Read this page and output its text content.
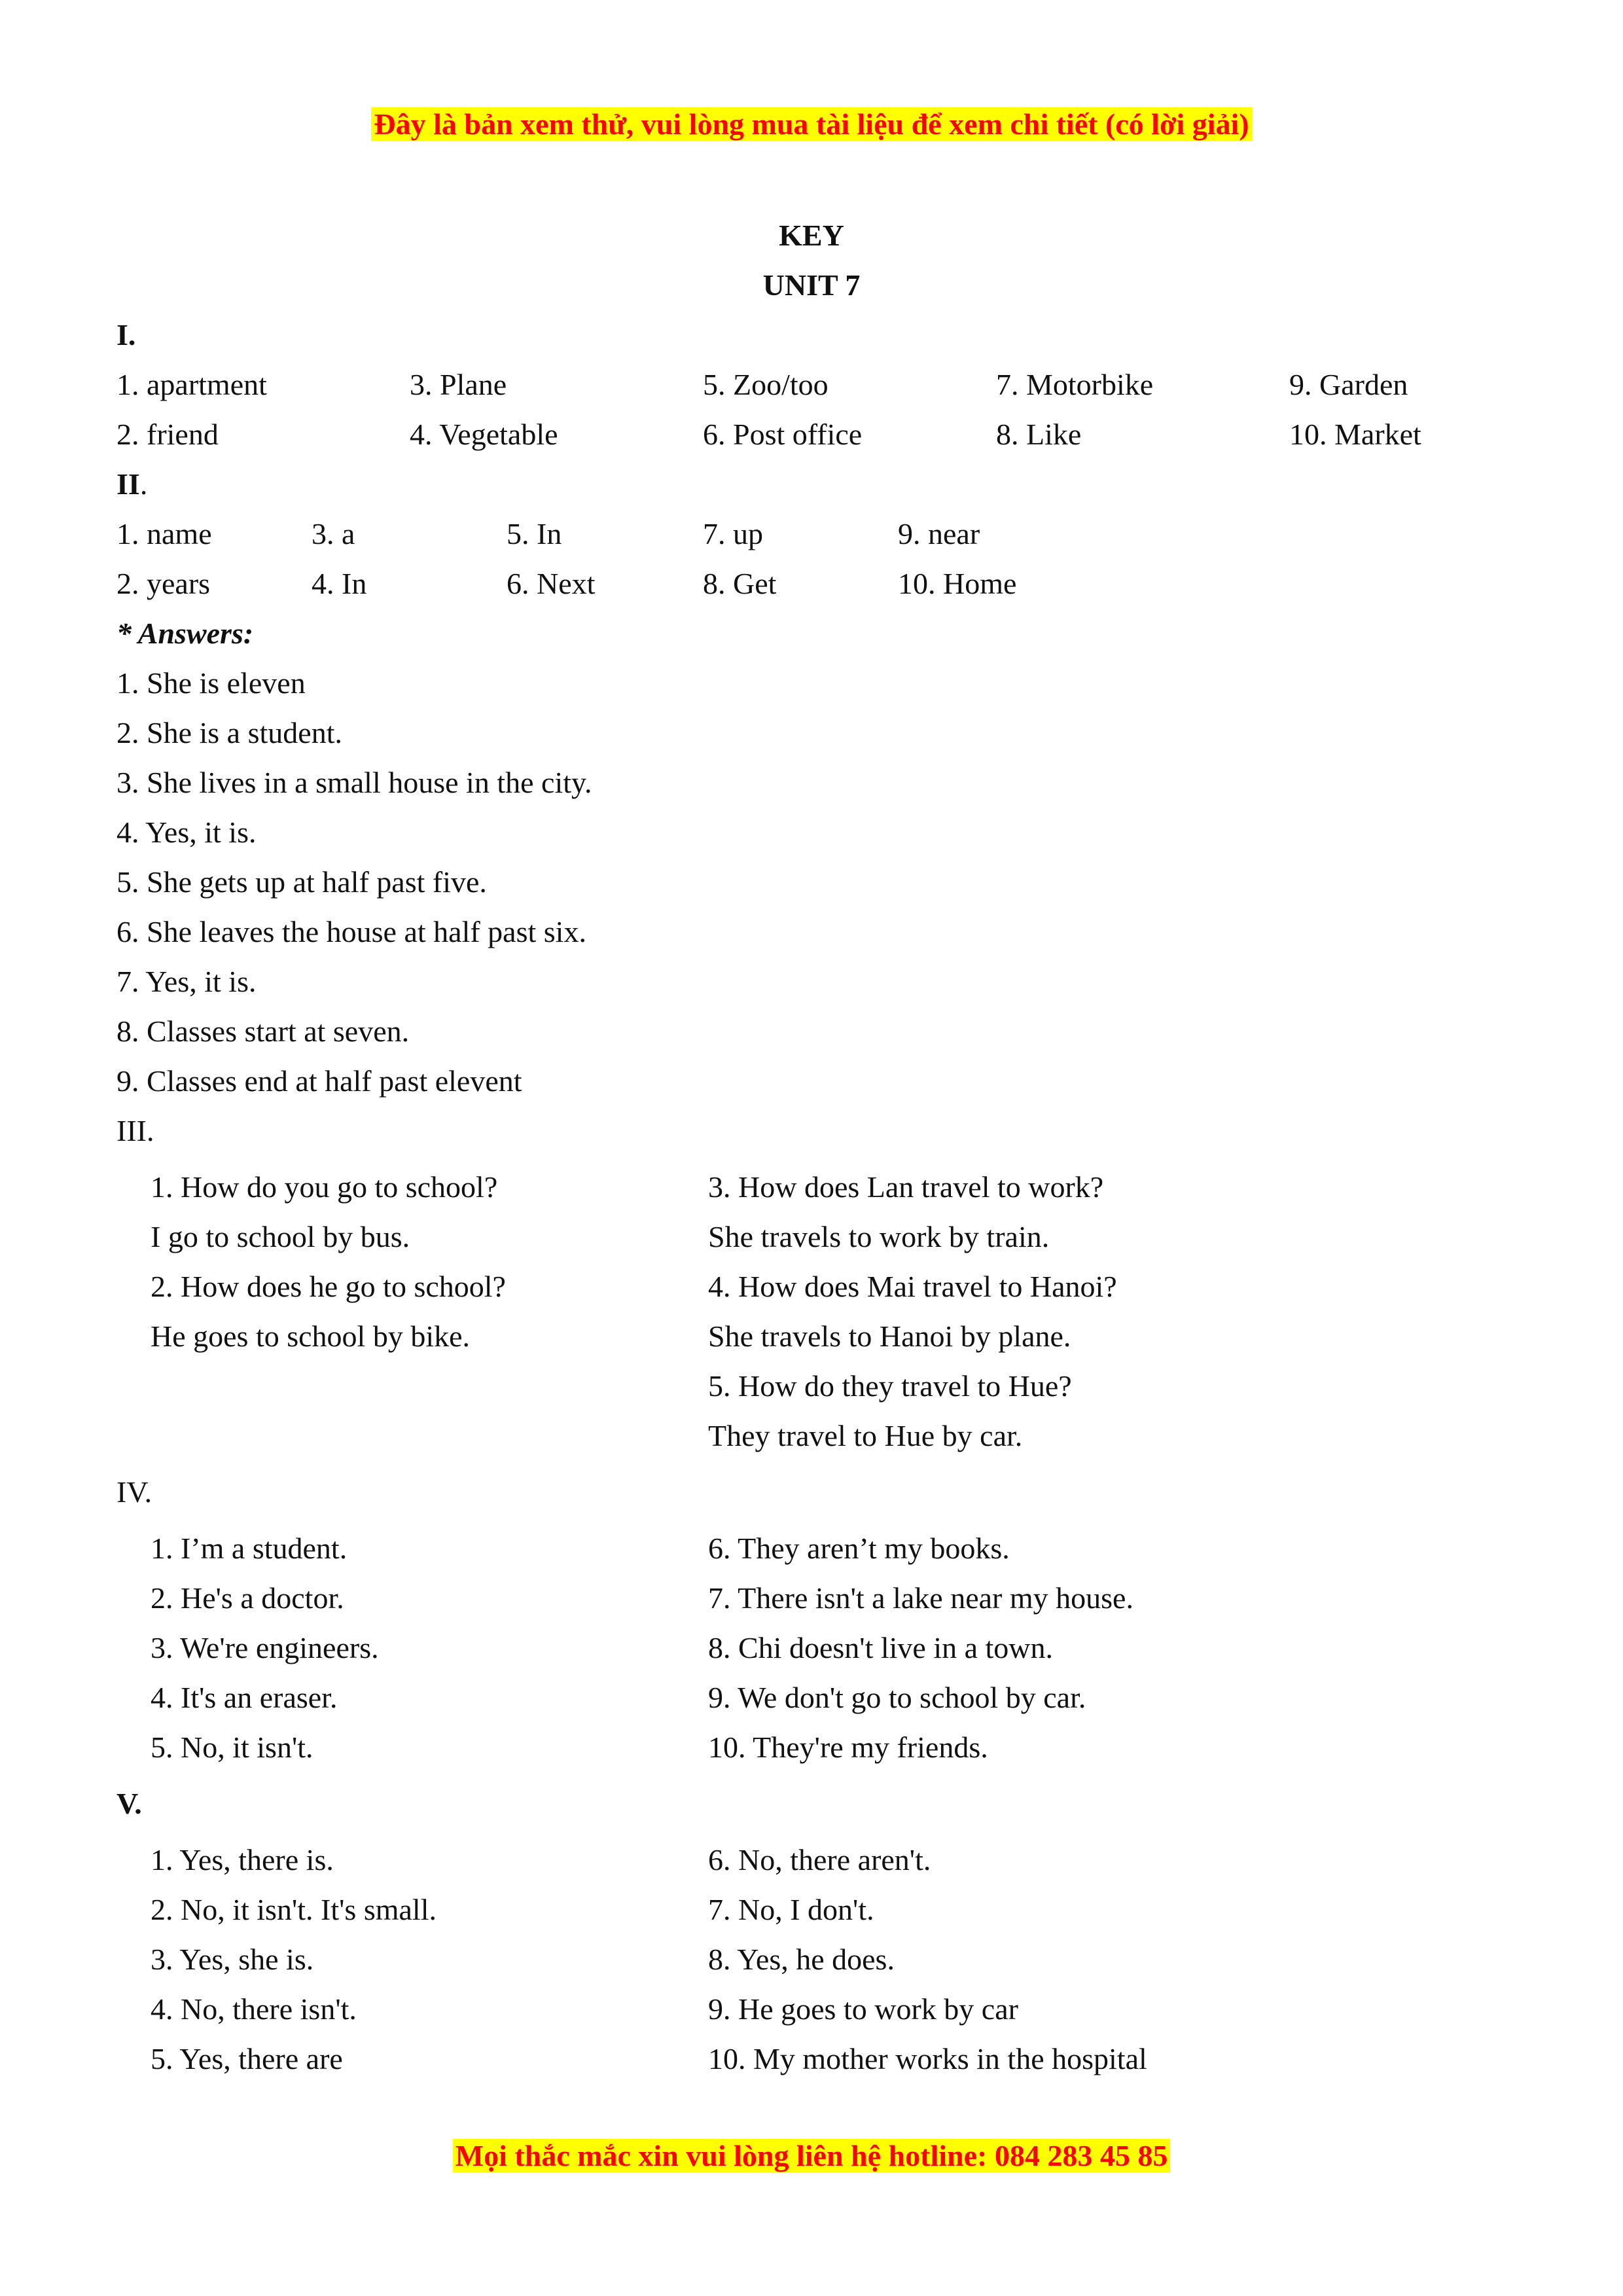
Đây là bản xem thử, vui lòng mua tài liệu để xem chi tiết (có lời giải)
KEY
UNIT 7
I.
1. apartment
2. friend
3. Plane
4. Vegetable
5. Zoo/too
6. Post office
7. Motorbike
8. Like
9. Garden
10. Market
II.
1. name
2. years
3. a
4. In
5. In
6. Next
7. up
8. Get
9. near
10. Home
* Answers:
1. She is eleven
2. She is a student.
3. She lives in a small house in the city.
4. Yes, it is.
5. She gets up at half past five.
6. She leaves the house at half past six.
7. Yes, it is.
8. Classes start at seven.
9. Classes end at half past elevent
III.
1. How do you go to school?
I go to school by bus.
2. How does he go to school?
He goes to school by bike.
3. How does Lan travel to work?
She travels to work by train.
4. How does Mai travel to Hanoi?
She travels to Hanoi by plane.
5. How do they travel to Hue?
They travel to Hue by car.
IV.
1. I’m a student.
2. He's a doctor.
3. We're engineers.
4. It's an eraser.
5. No, it isn't.
6. They aren’t my books.
7. There isn't a lake near my house.
8. Chi doesn't live in a town.
9. We don't go to school by car.
10. They're my friends.
V.
1. Yes, there is.
2. No, it isn't. It's small.
3. Yes, she is.
4. No, there isn't.
5. Yes, there are
6. No, there aren't.
7. No, I don't.
8. Yes, he does.
9. He goes to work by car
10. My mother works in the hospital
Mọi thắc mắc xin vui lòng liên hệ hotline: 084 283 45 85
